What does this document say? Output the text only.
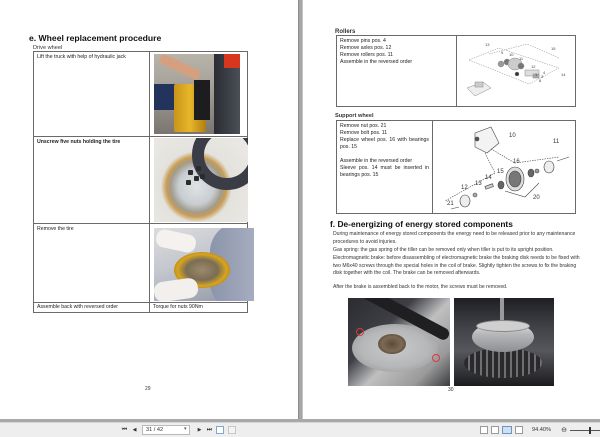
e. Wheel replacement procedure
Drive wheel
Lift the truck with help of hydraulic jack
Unscrew five nuts holding the tire
Remove the tire
Assemble back with reversed order	Torque for nuts 90Nm
29
Rollers

Remove pins pos. 4

Remove axles pos. 12

Remove rollers pos. 11

Assemble in the reversed order

13
9 10
15
11
12
1 4
3
8
14
Support wheel

Remove nut pos. 21

Remove bolt pos. 11

Replace wheel pos. 16 with bearings pos. 15

Assemble in the reversed order

Sleeve pos. 14 must be inserted in bearings pos. 15

10
11
16
15
14
13
12
21
20
f. De-energizing of energy stored components

During maintenance of energy stored components the energy need to be released prior to any maintenance procedures to avoid injuries.

Gas spring: the gas spring of the tiller can be removed only when tiller is put to its upright position.

Electromagnetic brake: before disassembling of electromagnetic brake the braking disk needs to be fixed with two M6x40 screws through the special holes in the coil of brake. Slightly tighten the screws to fix the braking disk together with the coil. The brake can be removed afterwards.

After the brake is assembled back to the motor, the screws must be removed.

30
⏮	◀	31 / 42	▾	▶ ⏭	94.40% ⊖
